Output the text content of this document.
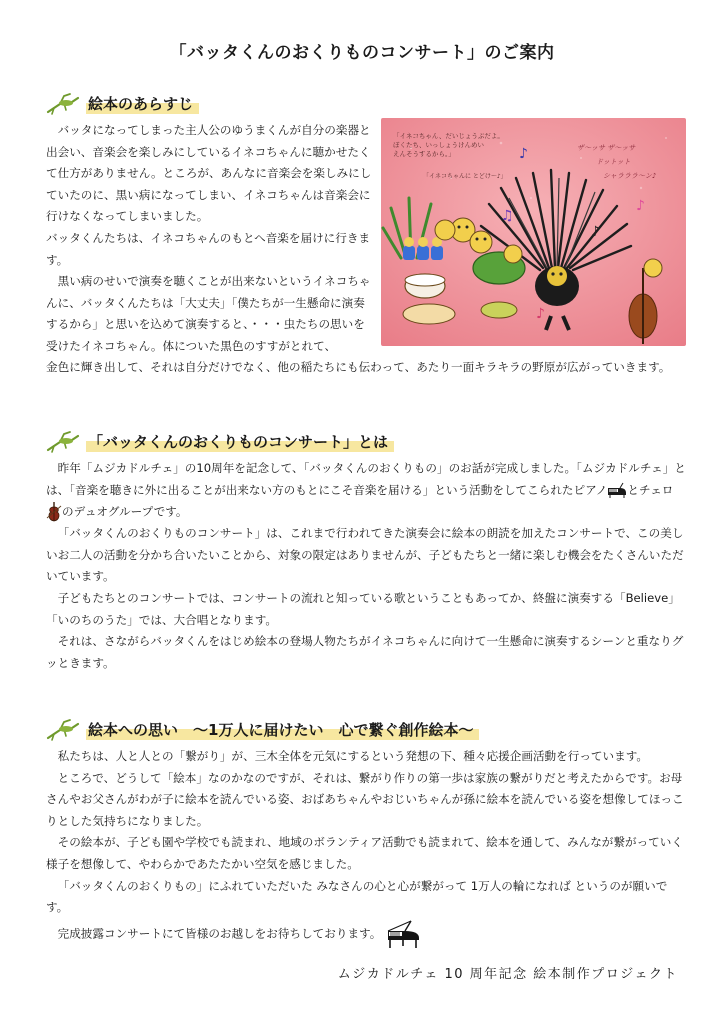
「バッタくんのおくりものコンサート」のご案内
絵本のあらすじ

バッタになってしまった主人公のゆうまくんが自分の楽器と出会い、音楽会を楽しみにしているイネコちゃんに聴かせたくて仕方がありません。ところが、あんなに音楽会を楽しみにしていたのに、黒い病になってしまい、イネコちゃんは音楽会に行けなくなってしまいました。

バッタくんたちは、イネコちゃんのもとへ音楽を届けに行きます。

黒い病のせいで演奏を聴くことが出来ないというイネコちゃんに、バッタくんたちは「大丈夫」「僕たちが一生懸命に演奏するから」と思いを込めて演奏すると、・・・虫たちの思いを受けたイネコちゃん。体についた黒色のすすがとれて、

金色に輝き出して、それは自分だけでなく、他の稲たちにも伝わって、あたり一面キラキラの野原が広がっていきます。

♪
♪
♫
♪
♪
「イネコちゃん、だいじょうぶだよ。 ぼくたち、いっしょうけんめい えんそうするから。」
「イネコちゃんに とどけ～♪」
ザ～ッサ ザ～ッサ ドットット シャラララ～ン♪
「バッタくんのおくりものコンサート」とは

昨年「ムジカドルチェ」の10周年を記念して、「バッタくんのおくりもの」のお話が完成しました。「ムジカドルチェ」とは、「音楽を聴きに外に出ることが出来ない方のもとにこそ音楽を届ける」という活動をしてこられたピアノ とチェロのデュオグループです。

「バッタくんのおくりものコンサート」は、これまで行われてきた演奏会に絵本の朗読を加えたコンサートで、この美しいお二人の活動を分かち合いたいことから、対象の限定はありませんが、子どもたちと一緒に楽しむ機会をたくさんいただいています。

子どもたちとのコンサートでは、コンサートの流れと知っている歌ということもあってか、終盤に演奏する「Believe」「いのちのうた」では、大合唱となります。

それは、さながらバッタくんをはじめ絵本の登場人物たちがイネコちゃんに向けて一生懸命に演奏するシーンと重なりグッときます。

絵本への思い　～1万人に届けたい　心で繋ぐ創作絵本～

私たちは、人と人との「繋がり」が、三木全体を元気にするという発想の下、種々応援企画活動を行っています。

ところで、どうして「絵本」なのかなのですが、それは、繋がり作りの第一歩は家族の繋がりだと考えたからです。お母さんやお父さんがわが子に絵本を読んでいる姿、おばあちゃんやおじいちゃんが孫に絵本を読んでいる姿を想像してほっこりとした気持ちになりました。

その絵本が、子ども園や学校でも読まれ、地域のボランティア活動でも読まれて、絵本を通して、みんなが繋がっていく様子を想像して、やわらかであたたかい空気を感じました。

「バッタくんのおくりもの」にふれていただいた みなさんの心と心が繋がって 1万人の輪になれば というのが願いです。

完成披露コンサートにて皆様のお越しをお待ちしております。

ムジカドルチェ 10 周年記念 絵本制作プロジェクト
